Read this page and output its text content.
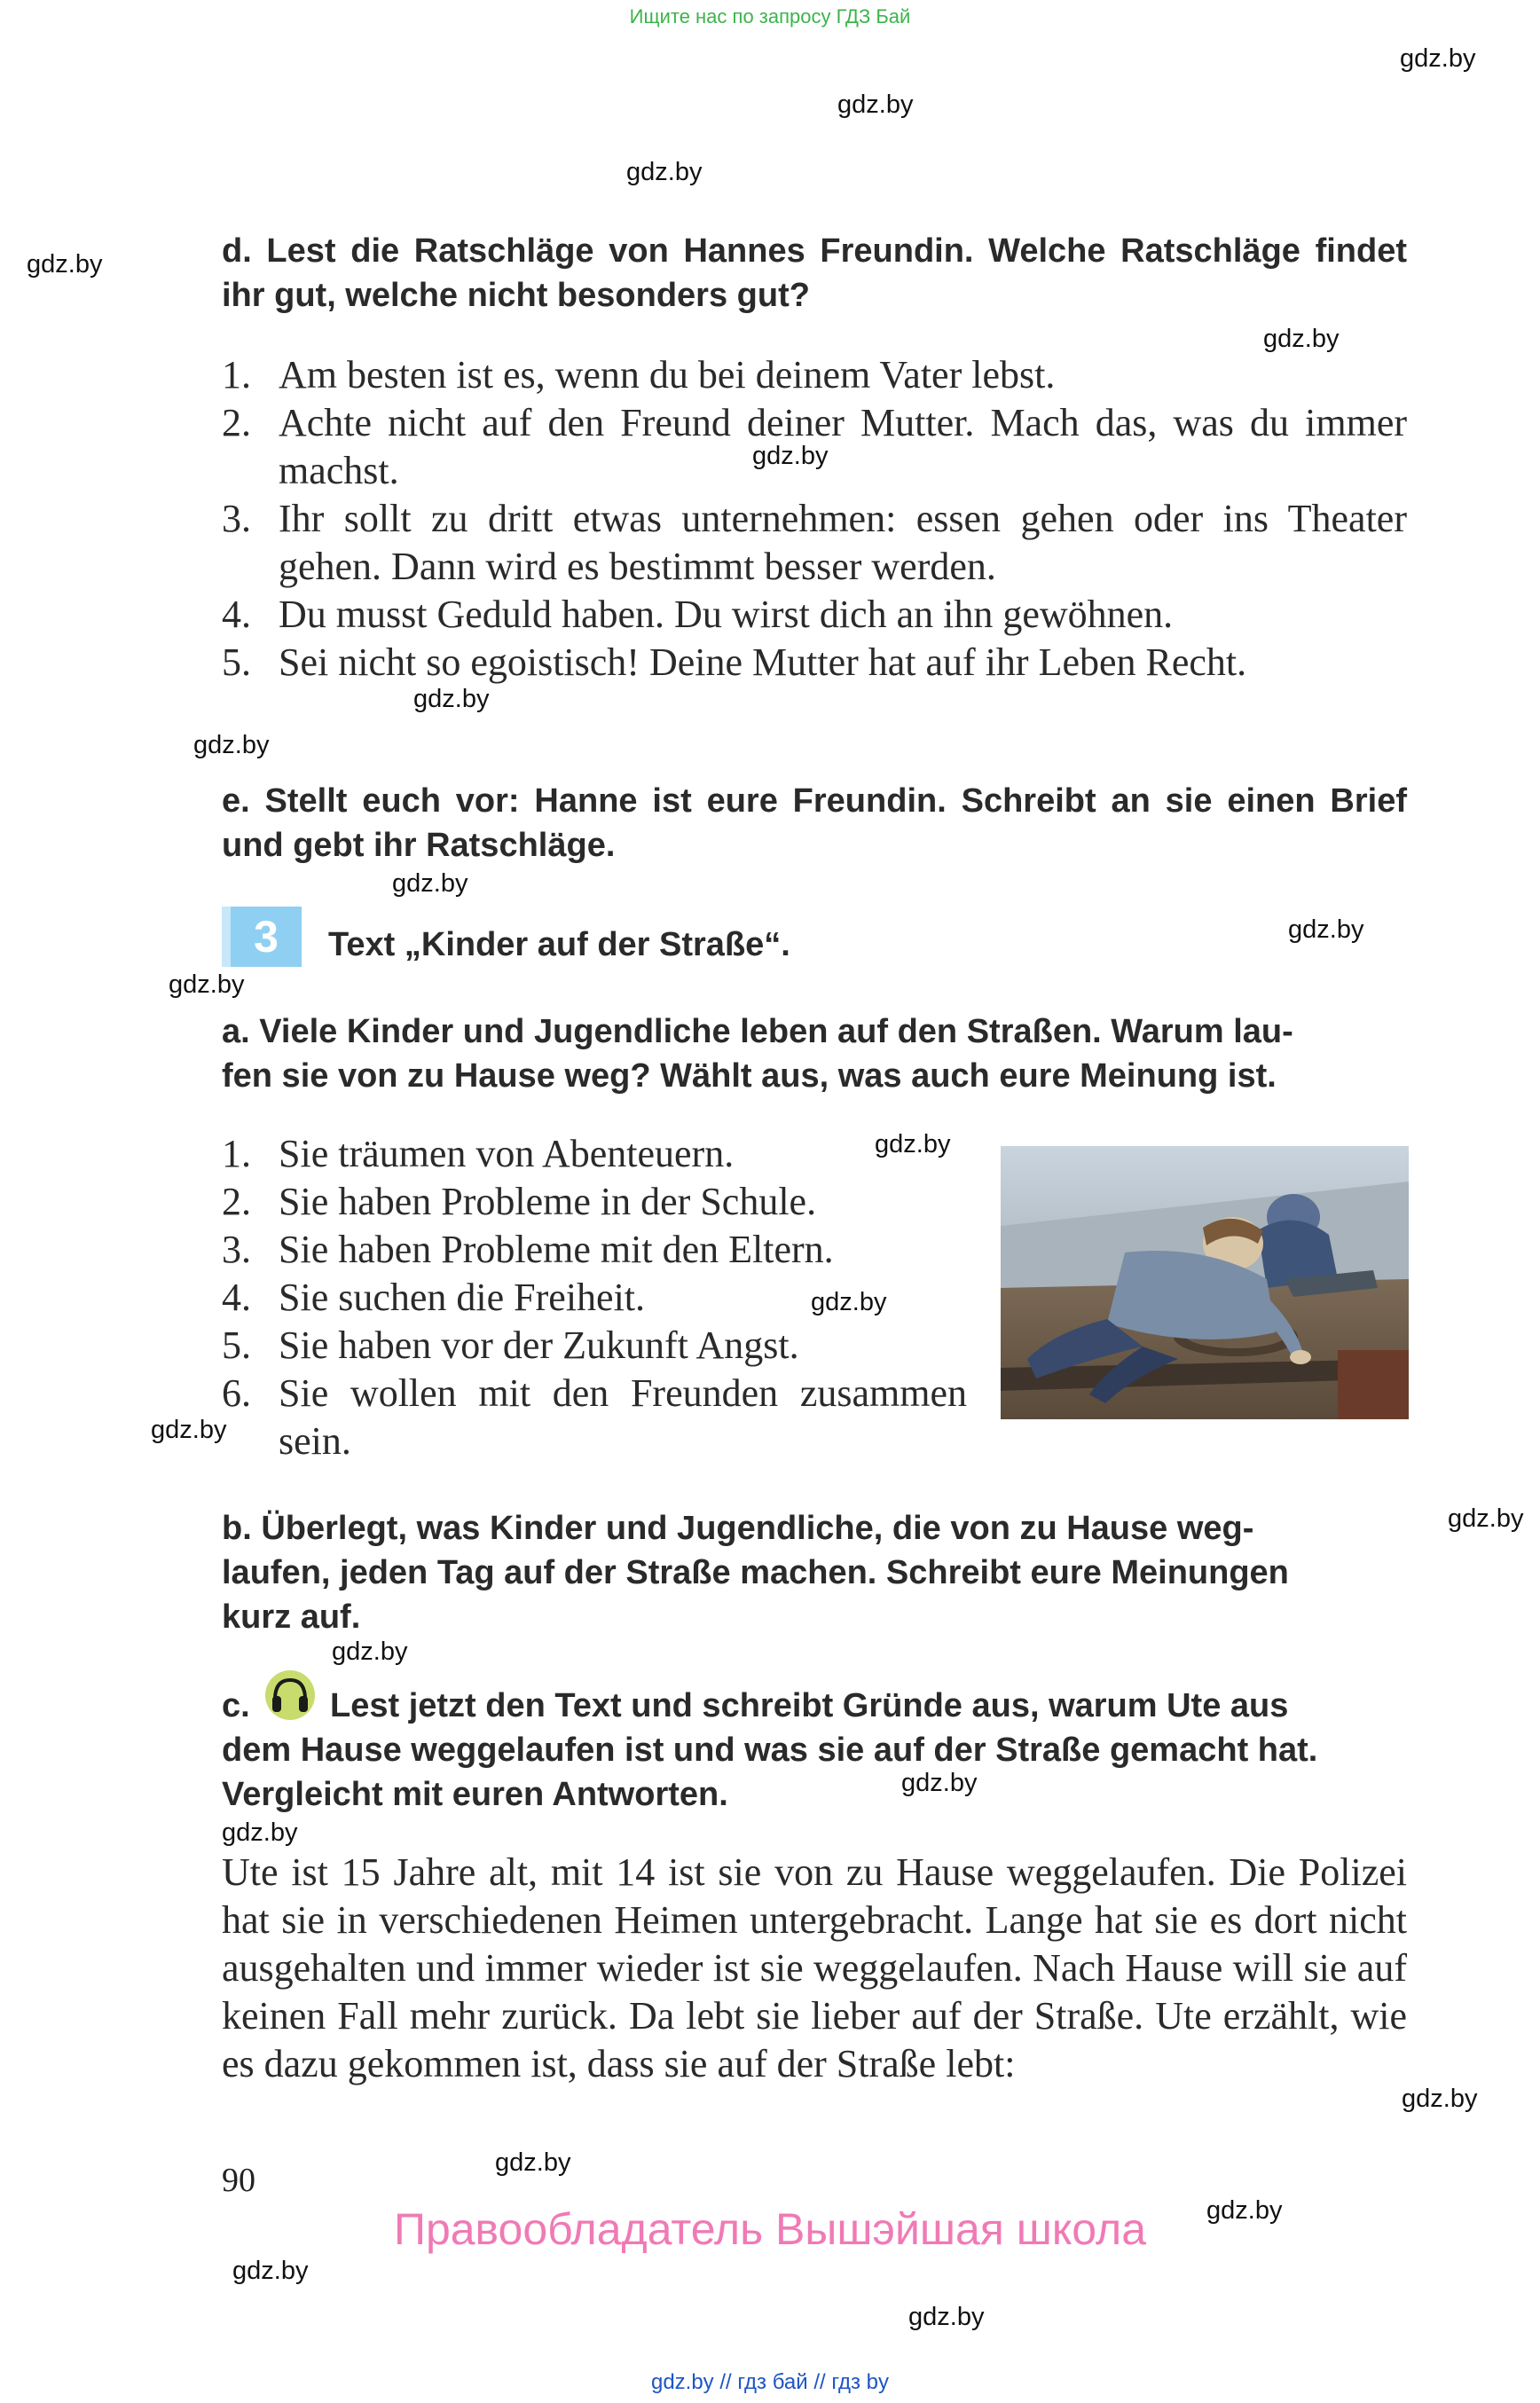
Ищите нас по запросу ГДЗ Бай
gdz.by
gdz.by
gdz.by
gdz.by
gdz.by
gdz.by
gdz.by
gdz.by
gdz.by
gdz.by
gdz.by
gdz.by
gdz.by
gdz.by
gdz.by
gdz.by
gdz.by
gdz.by
gdz.by
gdz.by
gdz.by
gdz.by
gdz.by
d. Lest die Ratschläge von Hannes Freundin. Welche Ratschläge findet ihr gut, welche nicht besonders gut?
1. Am besten ist es, wenn du bei deinem Vater lebst.
2. Achte nicht auf den Freund deiner Mutter. Mach das, was du immer machst.
3. Ihr sollt zu dritt etwas unternehmen: essen gehen oder ins Theater gehen. Dann wird es bestimmt besser werden.
4. Du musst Geduld haben. Du wirst dich an ihn gewöhnen.
5. Sei nicht so egoistisch! Deine Mutter hat auf ihr Leben Recht.
e. Stellt euch vor: Hanne ist eure Freundin. Schreibt an sie einen Brief und gebt ihr Ratschläge.
3	Text „Kinder auf der Straße“.
a. Viele Kinder und Jugendliche leben auf den Straßen. Warum lau-
fen sie von zu Hause weg? Wählt aus, was auch eure Meinung ist.
1. Sie träumen von Abenteuern.
2. Sie haben Probleme in der Schule.
3. Sie haben Probleme mit den Eltern.
4. Sie suchen die Freiheit.
5. Sie haben vor der Zukunft Angst.
6. Sie wollen mit den Freunden zusammen sein.
b. Überlegt, was Kinder und Jugendliche, die von zu Hause weg-
laufen, jeden Tag auf der Straße machen. Schreibt eure Meinungen
kurz auf.
c.	Lest jetzt den Text und schreibt Gründe aus, warum Ute aus
dem Hause weggelaufen ist und was sie auf der Straße gemacht hat.
Vergleicht mit euren Antworten.
Ute ist 15 Jahre alt, mit 14 ist sie von zu Hause weggelaufen. Die Polizei hat sie in verschiedenen Heimen untergebracht. Lange hat sie es dort nicht ausgehalten und immer wieder ist sie weggelaufen. Nach Hause will sie auf keinen Fall mehr zurück. Da lebt sie lieber auf der Straße. Ute erzählt, wie es dazu gekommen ist, dass sie auf der Straße lebt:
90
Правообладатель Вышэйшая школа
gdz.by // гдз бай // гдз by
